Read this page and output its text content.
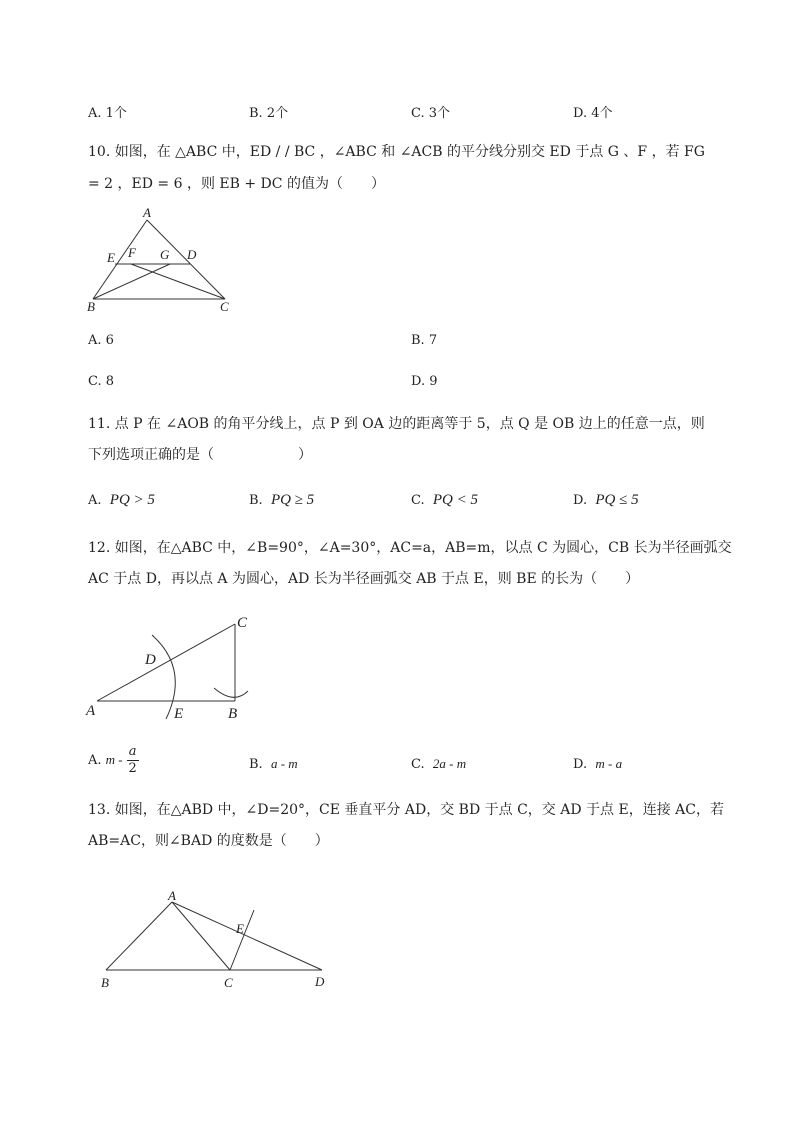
A. 1个	B. 2个	C. 3个	D. 4个
10. 如图，在 △ABC 中，ED / / BC ，∠ABC 和 ∠ACB 的平分线分别交 ED 于点 G 、F ，若 FG
= 2 ，ED = 6 ，则 EB + DC 的值为（　　）
A
E F G D
B	C
A. 6	B. 7
C. 8	D. 9
11. 点 P 在 ∠AOB 的角平分线上，点 P 到 OA 边的距离等于 5，点 Q 是 OB 边上的任意一点，则
下列选项正确的是（　　　　　　）
A. PQ > 5	B. PQ ≥ 5	C. PQ < 5	D. PQ ≤ 5
12. 如图，在△ABC 中，∠B=90°，∠A=30°，AC=a，AB=m，以点 C 为圆心，CB 长为半径画弧交
AC 于点 D，再以点 A 为圆心，AD 长为半径画弧交 AB 于点 E，则 BE 的长为（　　）
C
D
A	E	B
A. m - $\frac{a}{2}$	B. a - m	C. 2a - m	D. m - a
13. 如图，在△ABD 中，∠D=20°，CE 垂直平分 AD，交 BD 于点 C，交 AD 于点 E，连接 AC，若
AB=AC，则∠BAD 的度数是（　　）
A
E
B	C	D
